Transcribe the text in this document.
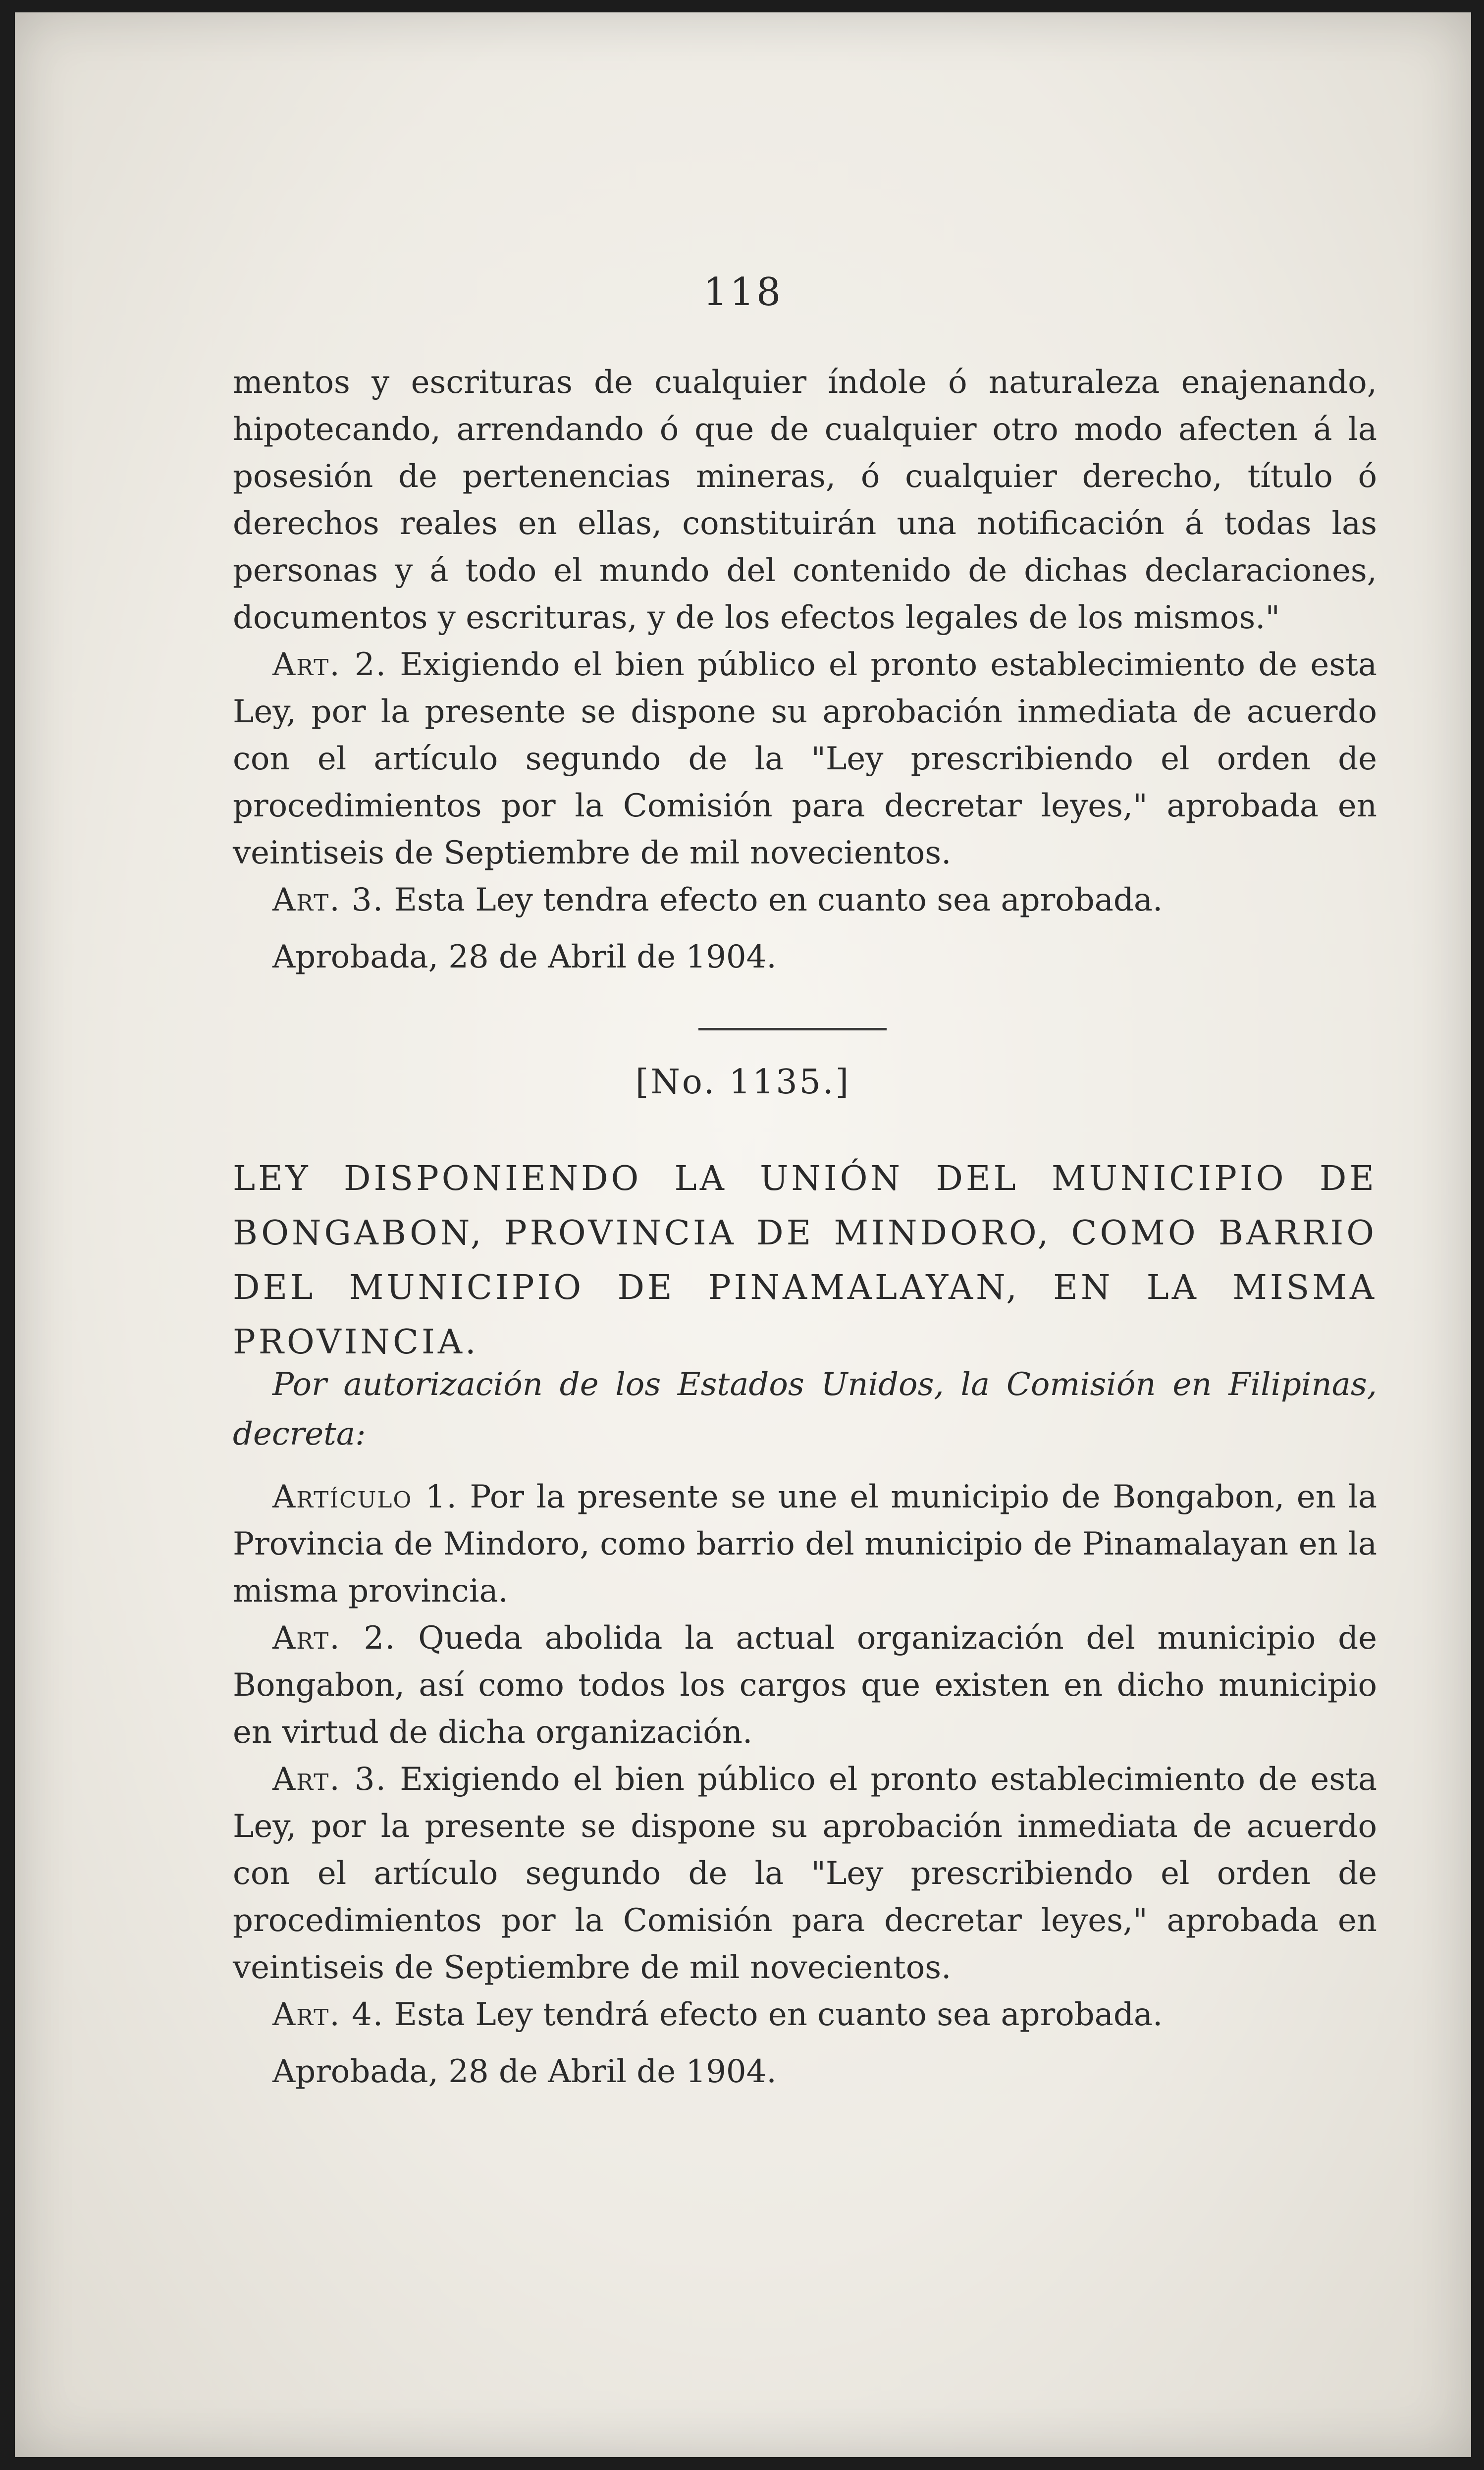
118

mentos y escrituras de cualquier índole ó naturaleza enajenando, hipotecando, arrendando ó que de cualquier otro modo afecten á la posesión de pertenencias mineras, ó cualquier derecho, título ó derechos reales en ellas, constituirán una notificación á todas las personas y á todo el mundo del contenido de dichas declaraciones, documentos y escrituras, y de los efectos legales de los mismos."

Art. 2. Exigiendo el bien público el pronto establecimiento de esta Ley, por la presente se dispone su aprobación inmediata de acuerdo con el artículo segundo de la "Ley prescribiendo el orden de procedimientos por la Comisión para decretar leyes," aprobada en veintiseis de Septiembre de mil novecientos.

Art. 3. Esta Ley tendra efecto en cuanto sea aprobada.

Aprobada, 28 de Abril de 1904.

[No. 1135.]
LEY DISPONIENDO LA UNIÓN DEL MUNICIPIO DE BONGABON, PROVINCIA DE MINDORO, COMO BARRIO DEL MUNICIPIO DE PINAMALAYAN, EN LA MISMA PROVINCIA.
Por autorización de los Estados Unidos, la Comisión en Filipinas, decreta:

Artículo 1. Por la presente se une el municipio de Bongabon, en la Provincia de Mindoro, como barrio del municipio de Pinamalayan en la misma provincia.

Art. 2. Queda abolida la actual organización del municipio de Bongabon, así como todos los cargos que existen en dicho municipio en virtud de dicha organización.

Art. 3. Exigiendo el bien público el pronto establecimiento de esta Ley, por la presente se dispone su aprobación inmediata de acuerdo con el artículo segundo de la "Ley prescribiendo el orden de procedimientos por la Comisión para decretar leyes," aprobada en veintiseis de Septiembre de mil novecientos.

Art. 4. Esta Ley tendrá efecto en cuanto sea aprobada.

Aprobada, 28 de Abril de 1904.
